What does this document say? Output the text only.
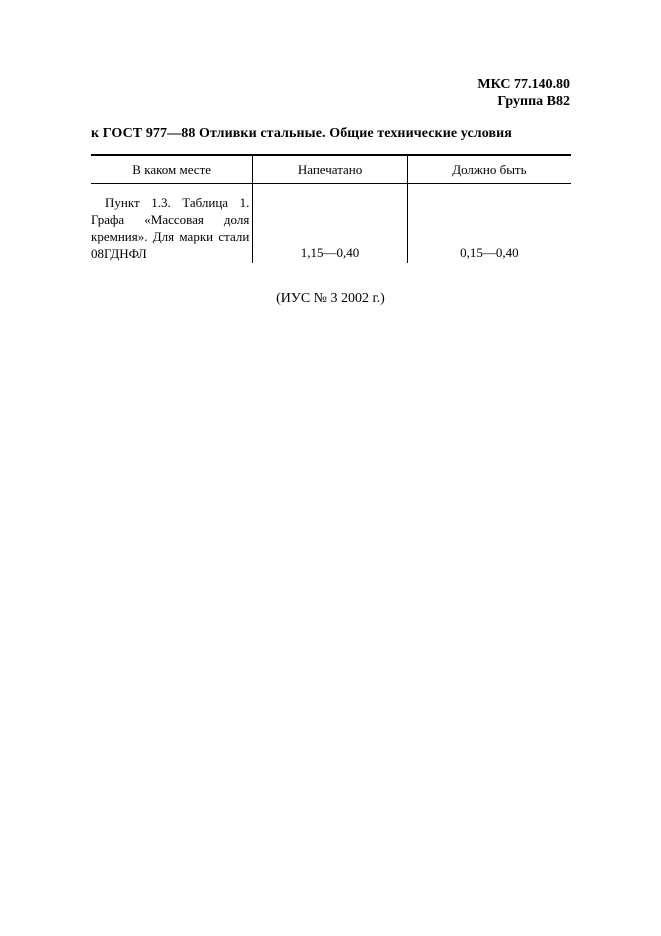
МКС 77.140.80
Группа В82
к ГОСТ 977—88 Отливки стальные. Общие технические условия
В каком месте	Напечатано	Должно быть

Пункт 1.3. Таблица 1. Графа «Массовая доля кремния». Для марки стали 08ГДНФЛ	1,15—0,40	0,15—0,40
(ИУС № 3 2002 г.)
